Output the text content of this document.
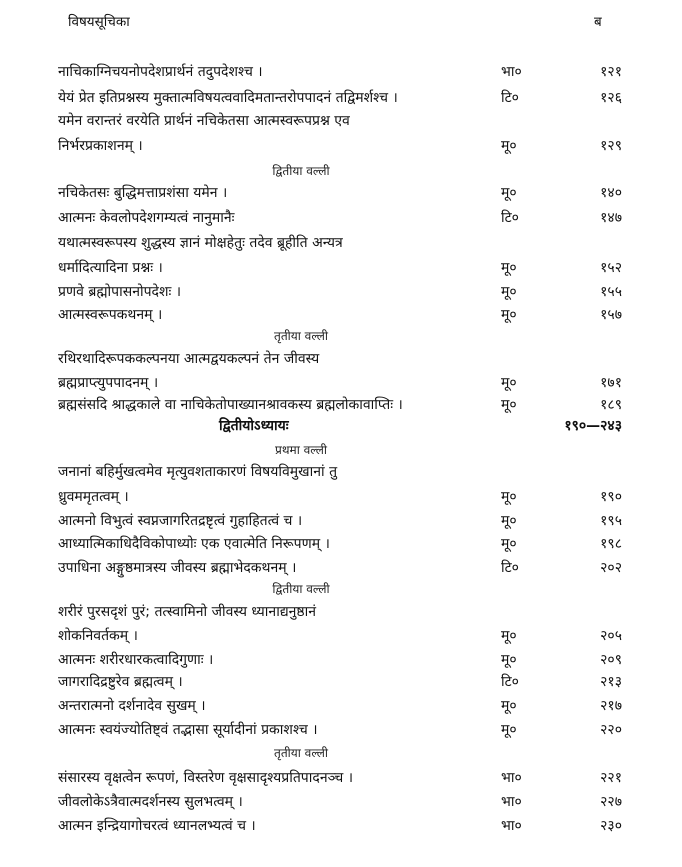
विषयसूचिका	ब
नाचिकाग्निचयनोपदेशप्रार्थनं तदुपदेशश्च ।	भा०	१२१
येयं प्रेत इतिप्रश्नस्य मुक्तात्मविषयत्ववादिमतान्तरोपपादनं तद्विमर्शश्च ।	टि०	१२६
यमेन वरान्तरं वरयेति प्रार्थनं नचिकेतसा आत्मस्वरूपप्रश्न एव
निर्भरप्रकाशनम् ।	मू०	१२९
द्वितीया वल्ली
नचिकेतसः बुद्धिमत्ताप्रशंसा यमेन ।	मू०	१४०
आत्मनः केवलोपदेशगम्यत्वं नानुमानैः	टि०	१४७
यथात्मस्वरूपस्य शुद्धस्य ज्ञानं मोक्षहेतुः तदेव ब्रूहीति अन्यत्र
धर्मादित्यादिना प्रश्नः ।	मू०	१५२
प्रणवे ब्रह्मोपासनोपदेशः ।	मू०	१५५
आत्मस्वरूपकथनम् ।	मू०	१५७
तृतीया वल्ली
रथिरथादिरूपककल्पनया आत्मद्वयकल्पनं तेन जीवस्य
ब्रह्मप्राप्त्युपपादनम् ।	मू०	१७१
ब्रह्मसंसदि श्राद्धकाले वा नाचिकेतोपाख्यानश्रावकस्य ब्रह्मलोकावाप्तिः ।	मू०	१८९
द्वितीयोऽध्यायः	१९०—२४३
प्रथमा वल्ली
जनानां बहिर्मुखत्वमेव मृत्युवशताकारणं विषयविमुखानां तु
ध्रुवममृतत्वम् ।	मू०	१९०
आत्मनो विभुत्वं स्वप्नजागरितद्रष्टृत्वं गुहाहितत्वं च ।	मू०	१९५
आध्यात्मिकाधिदैविकोपाध्योः एक एवात्मेति निरूपणम् ।	मू०	१९८
उपाधिना अङ्गुष्ठमात्रस्य जीवस्य ब्रह्माभेदकथनम् ।	टि०	२०२
द्वितीया वल्ली
शरीरं पुरसदृशं पुरं; तत्स्वामिनो जीवस्य ध्यानाद्यनुष्ठानं
शोकनिवर्तकम् ।	मू०	२०५
आत्मनः शरीरधारकत्वादिगुणाः ।	मू०	२०९
जागरादिद्रष्टुरेव ब्रह्मत्वम् ।	टि०	२१३
अन्तरात्मनो दर्शनादेव सुखम् ।	मू०	२१७
आत्मनः स्वयंज्योतिष्ट्वं तद्भासा सूर्यादीनां प्रकाशश्च ।	मू०	२२०
तृतीया वल्ली
संसारस्य वृक्षत्वेन रूपणं, विस्तरेण वृक्षसादृश्यप्रतिपादनञ्च ।	भा०	२२१
जीवलोकेऽत्रैवात्मदर्शनस्य सुलभत्वम् ।	भा०	२२७
आत्मन इन्द्रियागोचरत्वं ध्यानलभ्यत्वं च ।	भा०	२३०
